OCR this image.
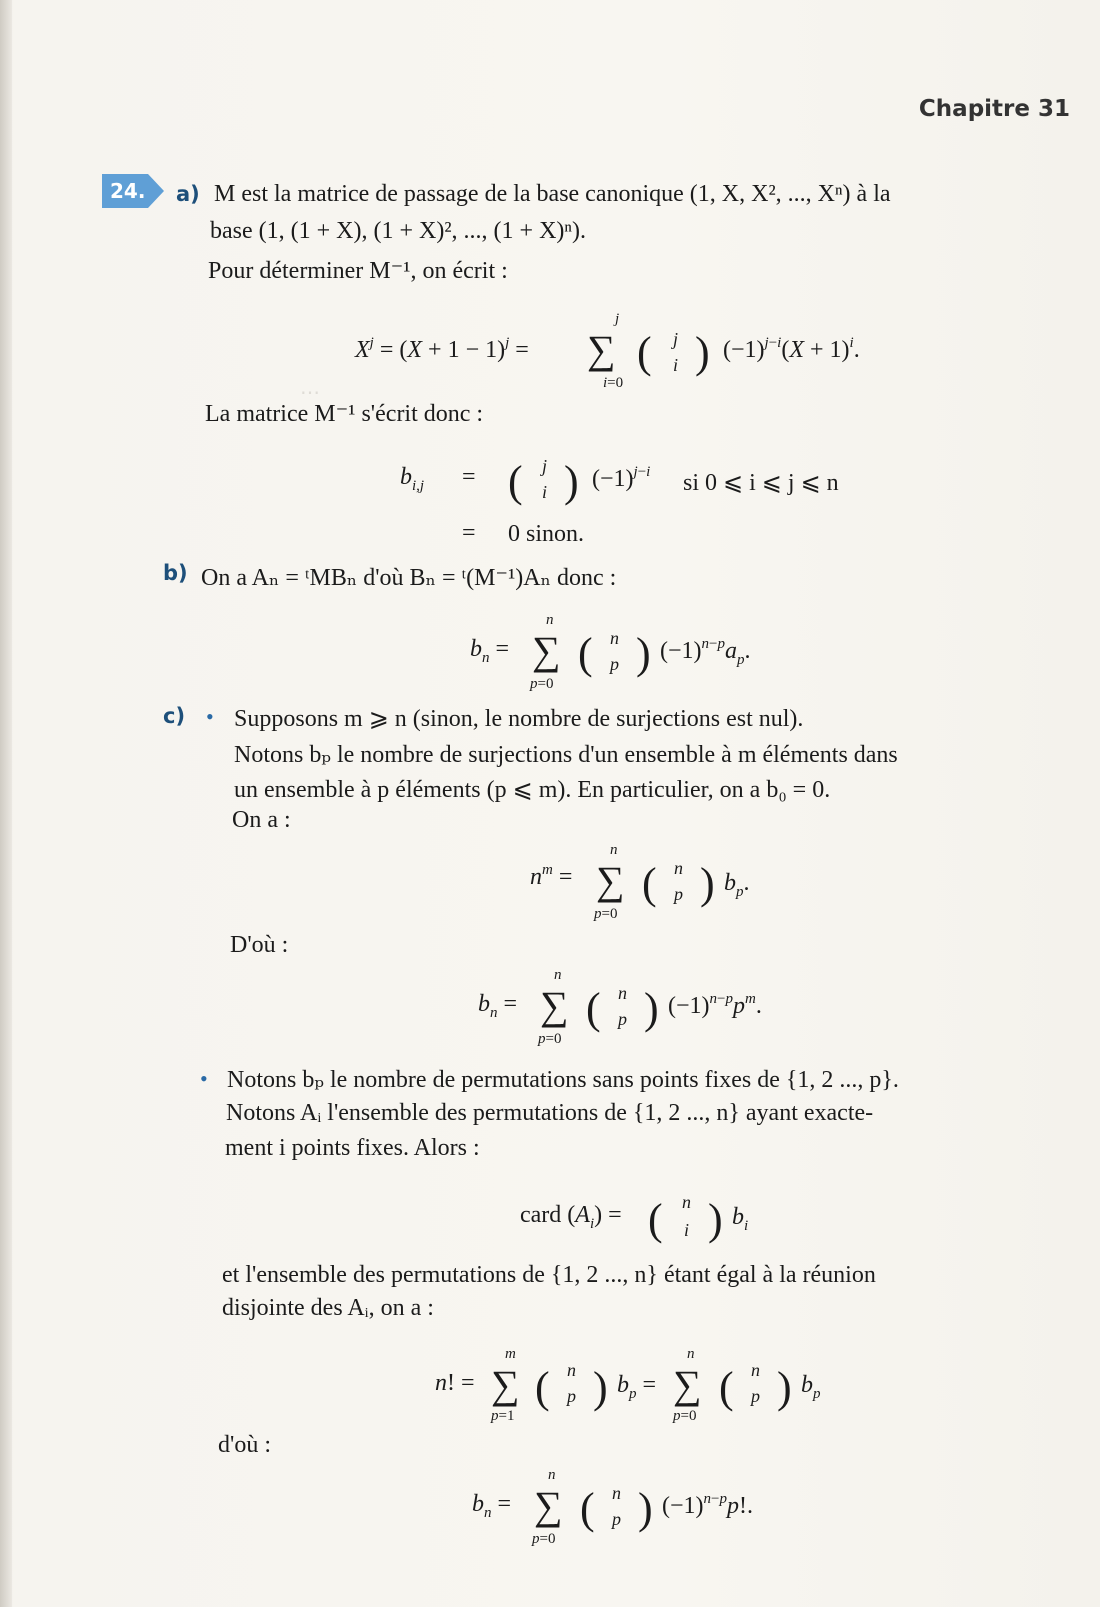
⋯
Chapitre 31
24. a) M est la matrice de passage de la base canonique (1, X, X², ..., Xⁿ) à la
base (1, (1 + X), (1 + X)², ..., (1 + X)ⁿ).
Pour déterminer M⁻¹, on écrit :
$X^j = (X + 1 - 1)^j$ = ∑
j
i=0
( j
i ) $(-1)^{j-i}(X + 1)^i$.
La matrice M⁻¹ s'écrit donc :
$b_{i,j}$ = ( j
i ) $(-1)^{j-i}$
=
si 0 ⩽ i ⩽ j ⩽ n
0 sinon.
b) On a Aₙ = ᵗMBₙ d'où Bₙ = ᵗ(M⁻¹)Aₙ donc :
$b_n$ = ∑
n
p=0
( n
p ) $(-1)^{n-p}a_p$.
c) • Supposons m ⩾ n (sinon, le nombre de surjections est nul).
Notons bₚ le nombre de surjections d'un ensemble à m éléments dans
un ensemble à p éléments (p ⩽ m). En particulier, on a b₀ = 0.
On a :
$n^m$ = ∑
n
p=0
( n
p ) $b_p$.
D'où :
$b_n$ = ∑
n
p=0
( n
p ) $(-1)^{n-p}p^m$.
• Notons bₚ le nombre de permutations sans points fixes de {1, 2 ..., p}.
Notons Aᵢ l'ensemble des permutations de {1, 2 ..., n} ayant exacte-
ment i points fixes. Alors :
card $(A_i)$ = ( n
i ) $b_i$
et l'ensemble des permutations de {1, 2 ..., n} étant égal à la réunion
disjointe des Aᵢ, on a :
n! = ∑
m
p=1
( n
p ) $b_p$ = ∑
n
p=0
( n
p ) $b_p$
d'où :
$b_n$ = ∑
n
p=0
( n
p ) $(-1)^{n-p}p$!.
